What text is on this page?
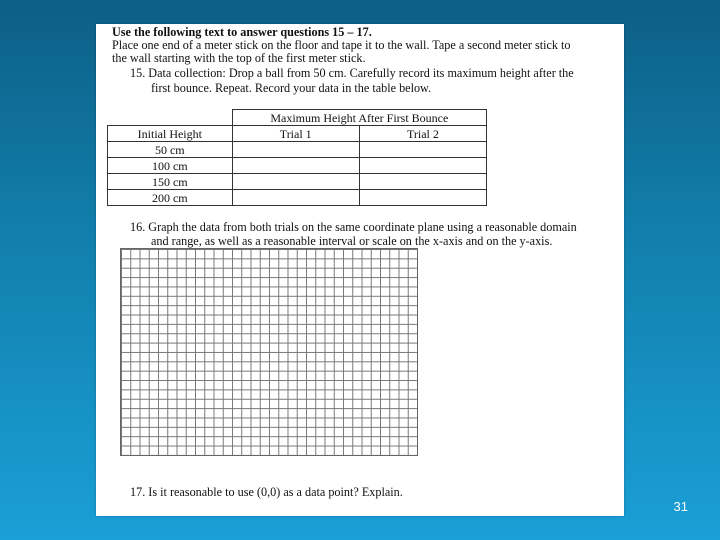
Use the following text to answer questions 15 – 17.
Place one end of a meter stick on the floor and tape it to the wall. Tape a second meter stick to
the wall starting with the top of the first meter stick.
15. Data collection: Drop a ball from 50 cm. Carefully record its maximum height after the
first bounce. Repeat. Record your data in the table below.
	Maximum Height After First Bounce	
Initial Height	Trial 1	Trial 2
50 cm		
100 cm		
150 cm		
200 cm		
16. Graph the data from both trials on the same coordinate plane using a reasonable domain
and range, as well as a reasonable interval or scale on the x-axis and on the y-axis.
17. Is it reasonable to use (0,0) as a data point? Explain.
31
